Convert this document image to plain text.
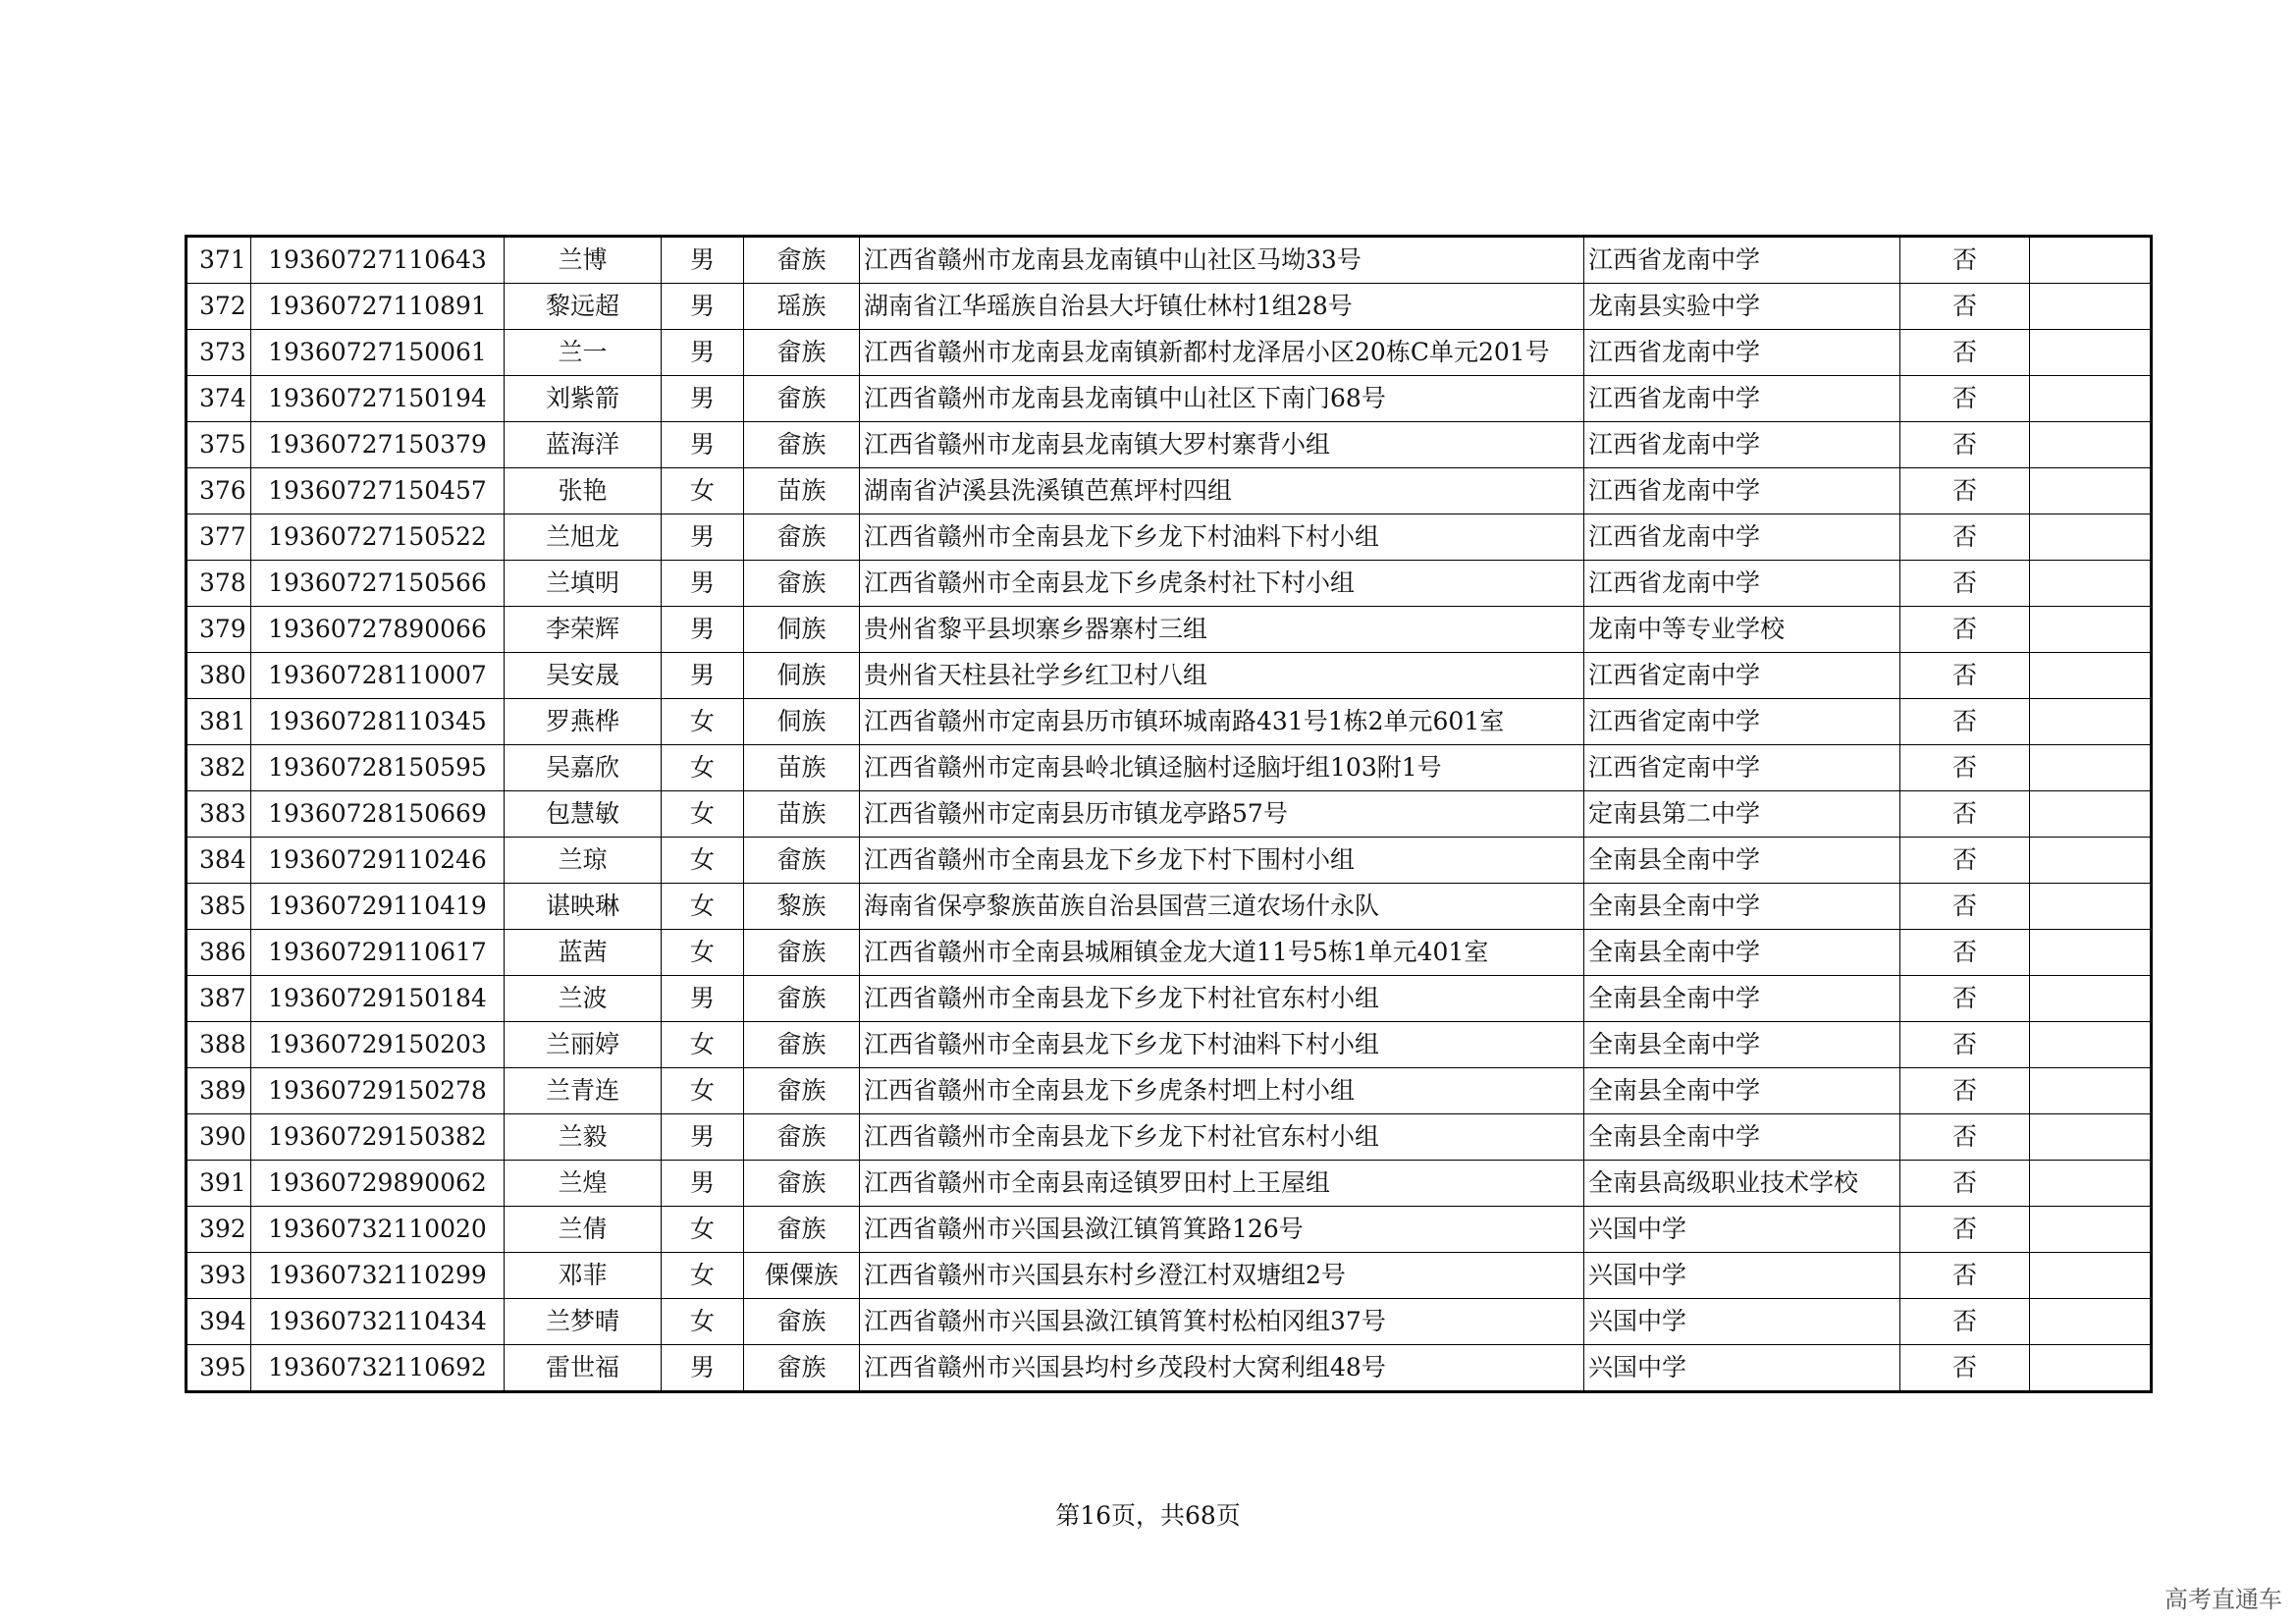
371	19360727110643	兰博	男	畲族	江西省赣州市龙南县龙南镇中山社区马坳33号	江西省龙南中学	否	
372	19360727110891	黎远超	男	瑶族	湖南省江华瑶族自治县大圩镇仕林村1组28号	龙南县实验中学	否	
373	19360727150061	兰一	男	畲族	江西省赣州市龙南县龙南镇新都村龙泽居小区20栋C单元201号	江西省龙南中学	否	
374	19360727150194	刘紫箭	男	畲族	江西省赣州市龙南县龙南镇中山社区下南门68号	江西省龙南中学	否	
375	19360727150379	蓝海洋	男	畲族	江西省赣州市龙南县龙南镇大罗村寨背小组	江西省龙南中学	否	
376	19360727150457	张艳	女	苗族	湖南省泸溪县洗溪镇芭蕉坪村四组	江西省龙南中学	否	
377	19360727150522	兰旭龙	男	畲族	江西省赣州市全南县龙下乡龙下村油料下村小组	江西省龙南中学	否	
378	19360727150566	兰填明	男	畲族	江西省赣州市全南县龙下乡虎条村社下村小组	江西省龙南中学	否	
379	19360727890066	李荣辉	男	侗族	贵州省黎平县坝寨乡器寨村三组	龙南中等专业学校	否	
380	19360728110007	吴安晟	男	侗族	贵州省天柱县社学乡红卫村八组	江西省定南中学	否	
381	19360728110345	罗燕桦	女	侗族	江西省赣州市定南县历市镇环城南路431号1栋2单元601室	江西省定南中学	否	
382	19360728150595	吴嘉欣	女	苗族	江西省赣州市定南县岭北镇迳脑村迳脑圩组103附1号	江西省定南中学	否	
383	19360728150669	包慧敏	女	苗族	江西省赣州市定南县历市镇龙亭路57号	定南县第二中学	否	
384	19360729110246	兰琼	女	畲族	江西省赣州市全南县龙下乡龙下村下围村小组	全南县全南中学	否	
385	19360729110419	谌映琳	女	黎族	海南省保亭黎族苗族自治县国营三道农场什永队	全南县全南中学	否	
386	19360729110617	蓝茜	女	畲族	江西省赣州市全南县城厢镇金龙大道11号5栋1单元401室	全南县全南中学	否	
387	19360729150184	兰波	男	畲族	江西省赣州市全南县龙下乡龙下村社官东村小组	全南县全南中学	否	
388	19360729150203	兰丽婷	女	畲族	江西省赣州市全南县龙下乡龙下村油料下村小组	全南县全南中学	否	
389	19360729150278	兰青连	女	畲族	江西省赣州市全南县龙下乡虎条村垇上村小组	全南县全南中学	否	
390	19360729150382	兰毅	男	畲族	江西省赣州市全南县龙下乡龙下村社官东村小组	全南县全南中学	否	
391	19360729890062	兰煌	男	畲族	江西省赣州市全南县南迳镇罗田村上王屋组	全南县高级职业技术学校	否	
392	19360732110020	兰倩	女	畲族	江西省赣州市兴国县潋江镇筲箕路126号	兴国中学	否	
393	19360732110299	邓菲	女	傈僳族	江西省赣州市兴国县东村乡澄江村双塘组2号	兴国中学	否	
394	19360732110434	兰梦晴	女	畲族	江西省赣州市兴国县潋江镇筲箕村松柏冈组37号	兴国中学	否	
395	19360732110692	雷世福	男	畲族	江西省赣州市兴国县均村乡茂段村大窝利组48号	兴国中学	否	
第16页，共68页
高考直通车
